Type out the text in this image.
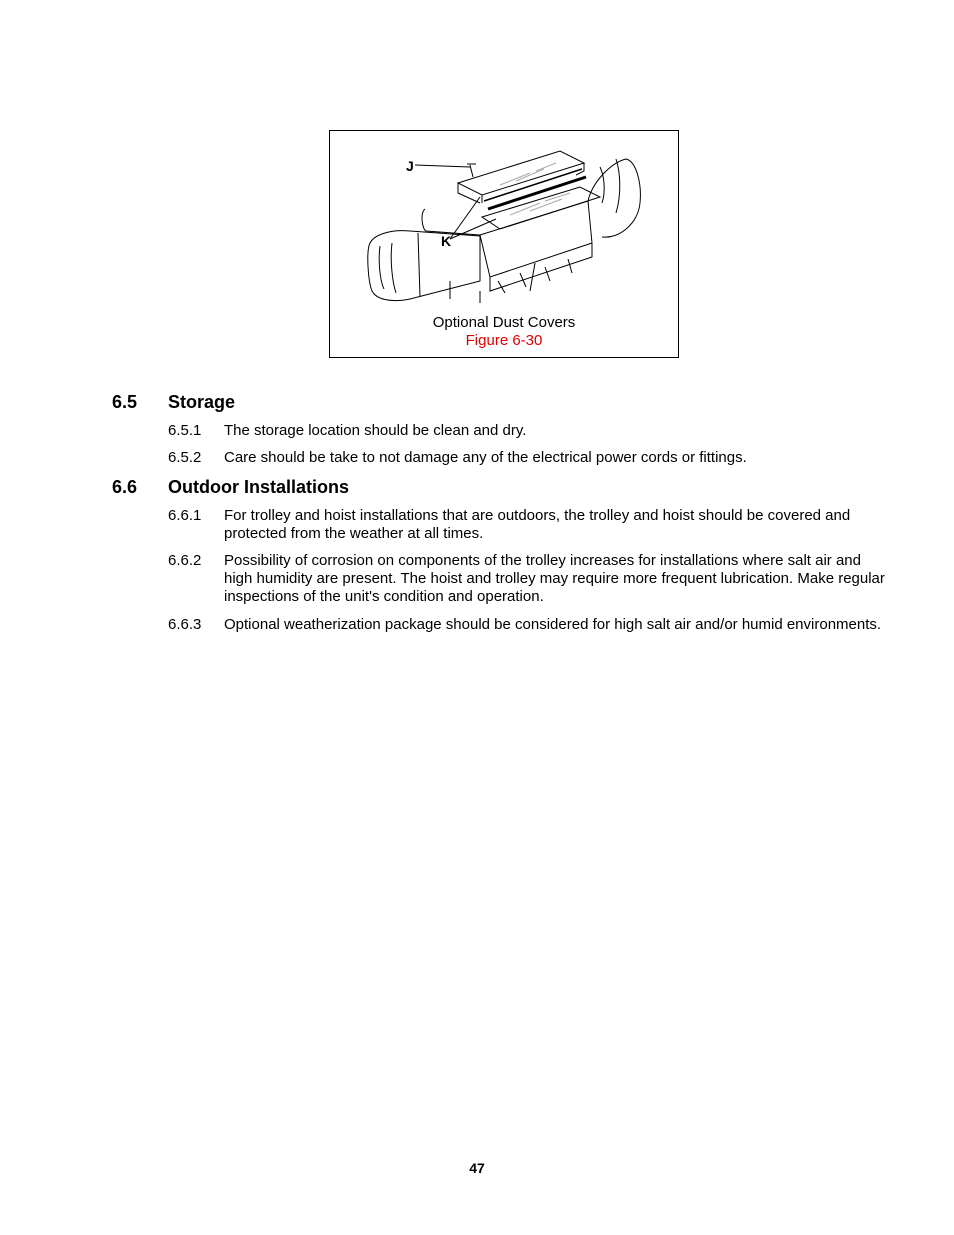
J
K
Optional Dust Covers
Figure 6-30
6.5 Storage
6.5.1 The storage location should be clean and dry.
6.5.2 Care should be take to not damage any of the electrical power cords or fittings.
6.6 Outdoor Installations
6.6.1 For trolley and hoist installations that are outdoors, the trolley and hoist should be covered and protected from the weather at all times.
6.6.2 Possibility of corrosion on components of the trolley increases for installations where salt air and high humidity are present. The hoist and trolley may require more frequent lubrication. Make regular inspections of the unit's condition and operation.
6.6.3 Optional weatherization package should be considered for high salt air and/or humid environments.
47
